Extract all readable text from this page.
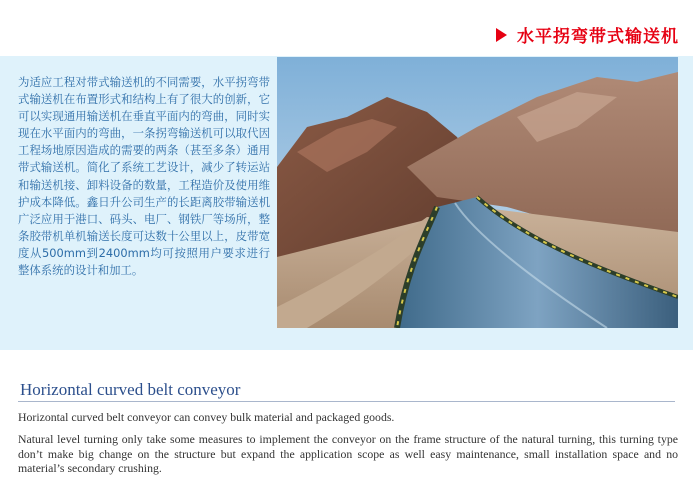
水平拐弯带式输送机
为适应工程对带式输送机的不同需要，水平拐弯带式输送机在布置形式和结构上有了很大的创新，它可以实现通用输送机在垂直平面内的弯曲，同时实现在水平面内的弯曲，一条拐弯输送机可以取代因工程场地原因造成的需要的两条（甚至多条）通用带式输送机。简化了系统工艺设计，减少了转运站和输送机接、卸料设备的数量，工程造价及使用维护成本降低。鑫日升公司生产的长距离胶带输送机广泛应用于港口、码头、电厂、钢铁厂等场所，整条胶带机单机输送长度可达数十公里以上，皮带宽度从500mm到2400mm均可按照用户要求进行整体系统的设计和加工。
Horizontal curved belt conveyor

Horizontal curved belt conveyor can convey bulk material and packaged goods.

Natural level turning only take some measures to implement the conveyor on the frame structure of the natural turning, this turning type don’t make big change on the structure but expand the application scope as well easy maintenance, small installation space and no material’s secondary crushing.
